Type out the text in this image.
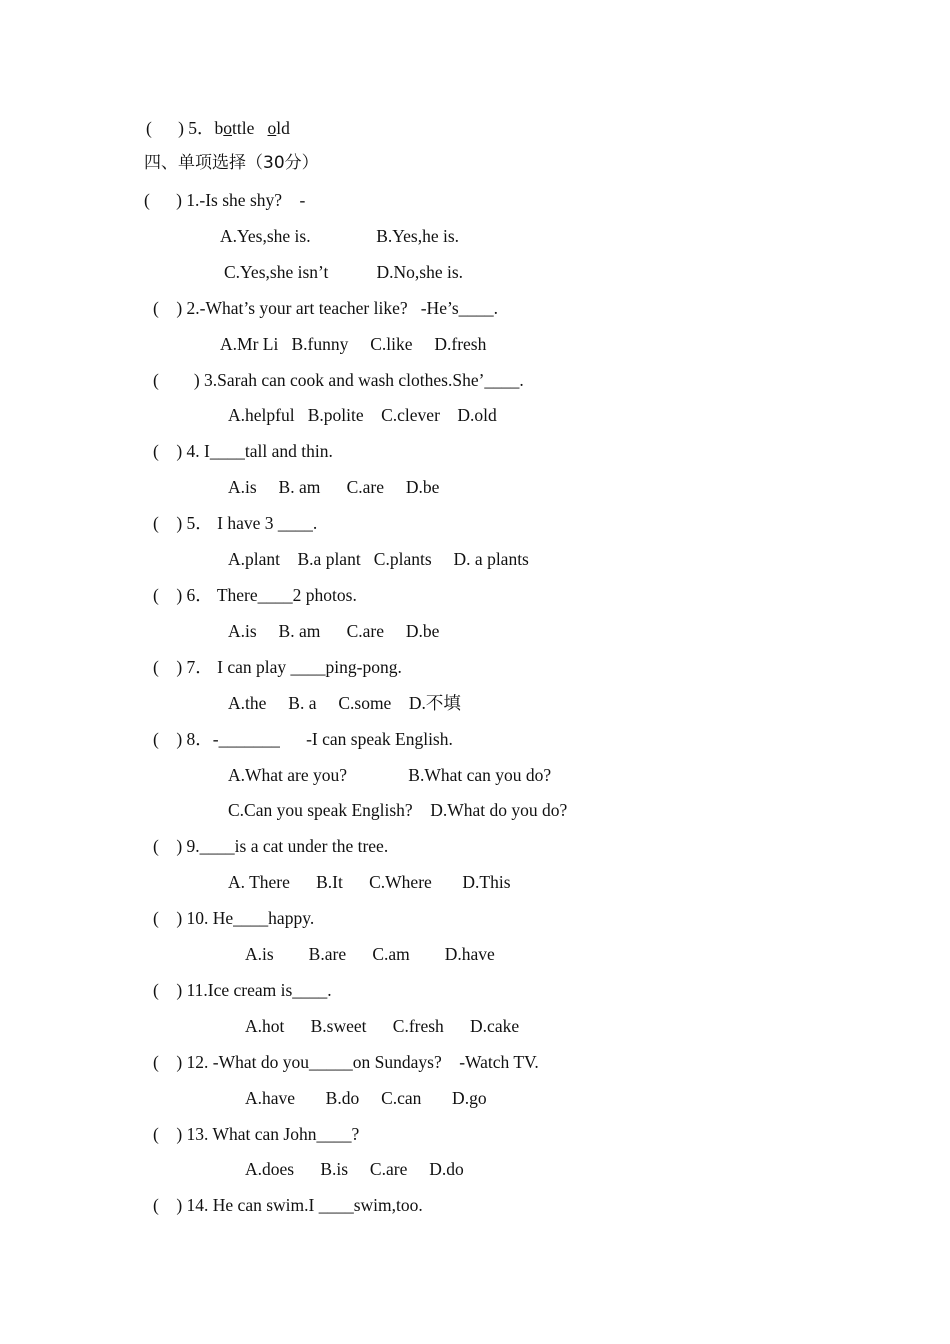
(      ) 5．bottle old
四、单项选择（30分）
(      ) 1.-Is she shy?    -
A.Yes,she is.               B.Yes,he is.
C.Yes,she isn’t           D.No,she is.
(    ) 2.-What’s your art teacher like?   -He’s____.
A.Mr Li   B.funny     C.like     D.fresh
(        ) 3.Sarah can cook and wash clothes.She’____.
A.helpful   B.polite    C.clever    D.old
(    ) 4. I____tall and thin.
A.is     B. am      C.are     D.be
(    ) 5． I have 3 ____.
A.plant    B.a plant   C.plants     D. a plants
(    ) 6． There____2 photos.
A.is     B. am      C.are     D.be
(    ) 7． I can play ____ping-pong.
A.the     B. a     C.some    D.不填
(    ) 8．-_______      -I can speak English.
A.What are you?              B.What can you do?
C.Can you speak English?    D.What do you do?
(    ) 9.____is a cat under the tree.
A. There      B.It      C.Where       D.This
(    ) 10. He____happy.
A.is        B.are      C.am        D.have
(    ) 11.Ice cream is____.
A.hot      B.sweet      C.fresh      D.cake
(    ) 12. -What do you_____on Sundays?    -Watch TV.
A.have       B.do     C.can       D.go
(    ) 13. What can John____?
A.does      B.is     C.are     D.do
(    ) 14. He can swim.I ____swim,too.
